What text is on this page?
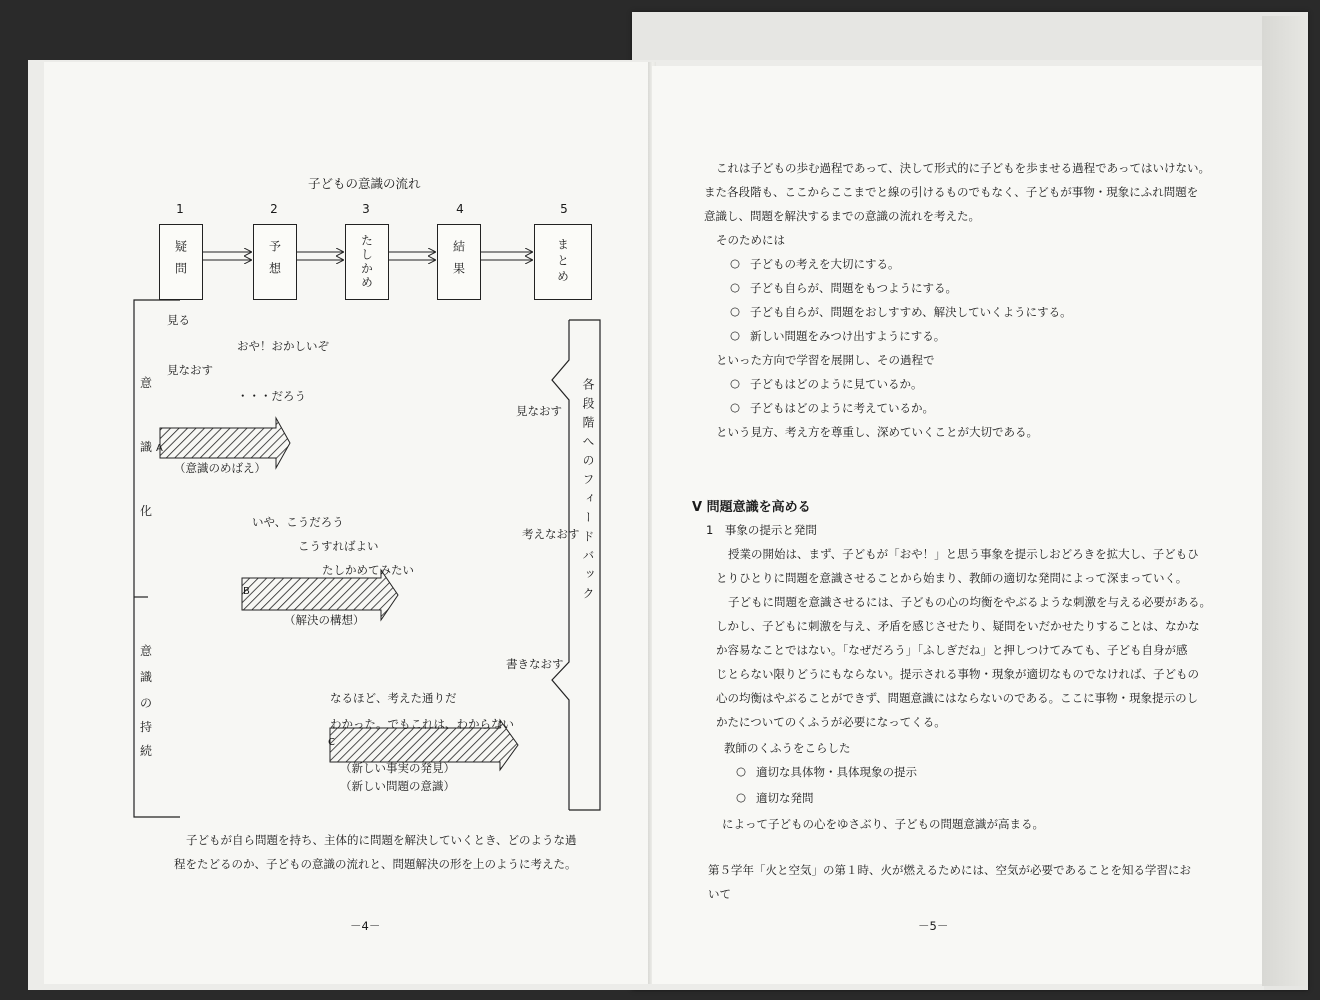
子どもの意識の流れ
1	2	3	4	5
疑問	予想	たしかめ	結果	まとめ
意
識
化
意
識
の
持
続
各段階へのフィードバック
見なおす
考えなおす
書きなおす
見る
おや！おかしいぞ
見なおす
・・・だろう
A
（意識のめばえ）
いや、こうだろう
こうすればよい
たしかめてみたい
B
（解決の構想）
なるほど、考えた通りだ
わかった。でもこれは、わからない
C
（新しい事実の発見）
（新しい問題の意識）
子どもが自ら問題を持ち、主体的に問題を解決していくとき、どのような過程をたどるのか、子どもの意識の流れと、問題解決の形を上のように考えた。
－4－
これは子どもの歩む過程であって、決して形式的に子どもを歩ませる過程であってはいけない。
また各段階も、ここからここまでと線の引けるものでもなく、子どもが事物・現象にふれ問題を
意識し、問題を解決するまでの意識の流れを考えた。
そのためには
○ 子どもの考えを大切にする。
○ 子ども自らが、問題をもつようにする。
○ 子ども自らが、問題をおしすすめ、解決していくようにする。
○ 新しい問題をみつけ出すようにする。
といった方向で学習を展開し、その過程で
○ 子どもはどのように見ているか。
○ 子どもはどのように考えているか。
という見方、考え方を尊重し、深めていくことが大切である。
Ⅴ 問題意識を高める
1　事象の提示と発問
授業の開始は、まず、子どもが「おや！」と思う事象を提示しおどろきを拡大し、子どもひ
とりひとりに問題を意識させることから始まり、教師の適切な発問によって深まっていく。
子どもに問題を意識させるには、子どもの心の均衡をやぶるような刺激を与える必要がある。
しかし、子どもに刺激を与え、矛盾を感じさせたり、疑問をいだかせたりすることは、なかな
か容易なことではない。「なぜだろう」「ふしぎだね」と押しつけてみても、子ども自身が感
じとらない限りどうにもならない。提示される事物・現象が適切なものでなければ、子どもの
心の均衡はやぶることができず、問題意識にはならないのである。ここに事物・現象提示のし
かたについてのくふうが必要になってくる。
教師のくふうをこらした
○ 適切な具体物・具体現象の提示
○ 適切な発問
によって子どもの心をゆさぶり、子どもの問題意識が高まる。
第５学年「火と空気」の第１時、火が燃えるためには、空気が必要であることを知る学習にお
いて
－5－
